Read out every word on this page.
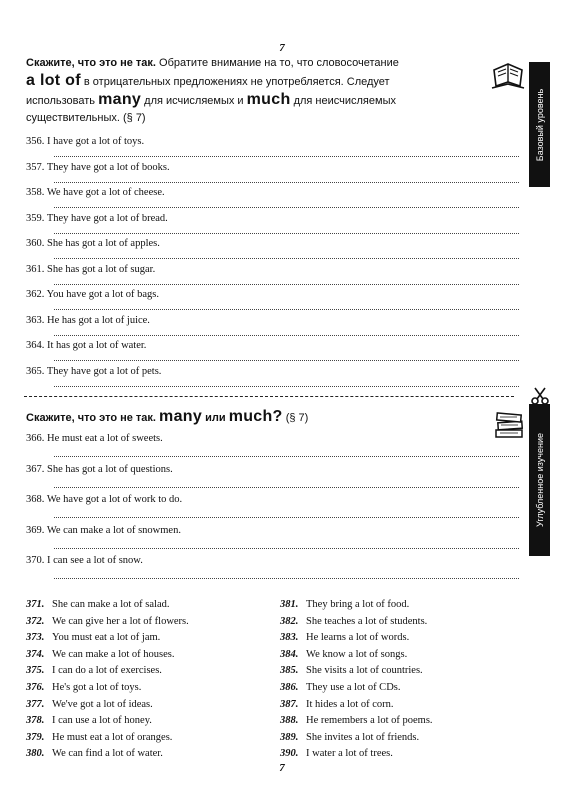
7
Скажите, что это не так. Обратите внимание на то, что словосочетание
a lot of в отрицательных предложениях не употребляется. Следует
использовать many для исчисляемых и much для неисчисляемых
существительных. (§ 7)	Базовый уровень
Скажите, что это не так. many или much? (§ 7)
Углубленное изучение
371. She can make a lot of salad.
372. We can give her a lot of flowers.
373. You must eat a lot of jam.
374. We can make a lot of houses.
375. I can do a lot of exercises.
376. He's got a lot of toys.
377. We've got a lot of ideas.
378. I can use a lot of honey.
379. He must eat a lot of oranges.
380. We can find a lot of water.
381. They bring a lot of food.
382. She teaches a lot of students.
383. He learns a lot of words.
384. We know a lot of songs.
385. She visits a lot of countries.
386. They use a lot of CDs.
387. It hides a lot of corn.
388. He remembers a lot of poems.
389. She invites a lot of friends.
390. I water a lot of trees.
7
356. I have got a lot of toys.
357. They have got a lot of books.
358. We have got a lot of cheese.
359. They have got a lot of bread.
360. She has got a lot of apples.
361. She has got a lot of sugar.
362. You have got a lot of bags.
363. He has got a lot of juice.
364. It has got a lot of water.
365. They have got a lot of pets.
366. He must eat a lot of sweets.
367. She has got a lot of questions.
368. We have got a lot of work to do.
369. We can make a lot of snowmen.
370. I can see a lot of snow.
